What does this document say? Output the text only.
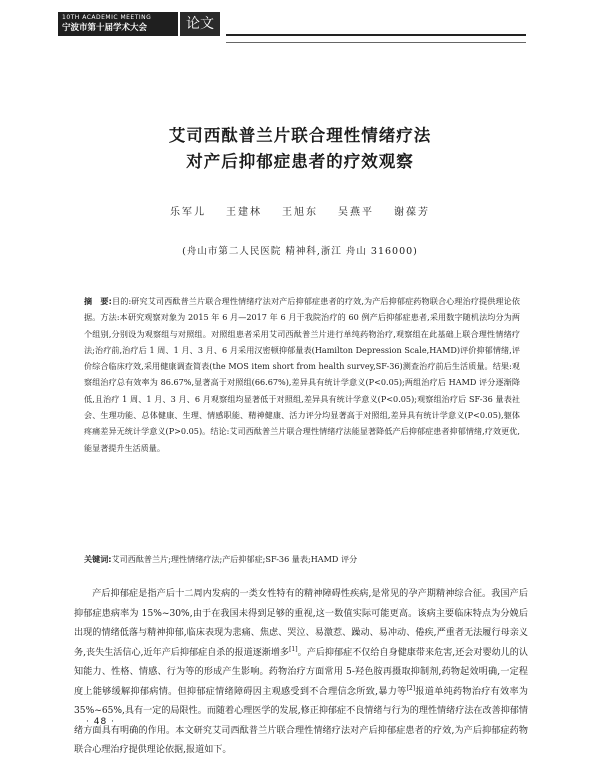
10TH ACADEMIC MEETING
宁波市第十届学术大会	论文集
艾司西酞普兰片联合理性情绪疗法
对产后抑郁症患者的疗效观察
乐军儿 王建林 王旭东 吴燕平 谢葆芳
(舟山市第二人民医院 精神科,浙江 舟山 316000)

摘　要:目的:研究艾司西酞普兰片联合理性情绪疗法对产后抑郁症患者的疗效,为产后抑郁症药物联合心理治疗提供理论依据。方法:本研究观察对象为 2015 年 6 月—2017 年 6 月于我院治疗的 60 例产后抑郁症患者,采用数字随机法均分为两个组别,分别设为观察组与对照组。对照组患者采用艾司西酞普兰片进行单纯药物治疗,观察组在此基础上联合理性情绪疗法;治疗前,治疗后 1 周、1 月、3 月、6 月采用汉密顿抑郁量表(Hamilton Depression Scale,HAMD)评价抑郁情绪,评价综合临床疗效,采用健康调查简表(the MOS item short from health survey,SF-36)测查治疗前后生活质量。结果:观察组治疗总有效率为 86.67%,显著高于对照组(66.67%),差异具有统计学意义(P<0.05);两组治疗后 HAMD 评分逐渐降低,且治疗 1 周、1 月、3 月、6 月观察组均显著低于对照组,差异具有统计学意义(P<0.05);观察组治疗后 SF-36 量表社会、生理功能、总体健康、生理、情感职能、精神健康、活力评分均显著高于对照组,差异具有统计学意义(P<0.05),躯体疼痛差异无统计学意义(P>0.05)。结论:艾司西酞普兰片联合理性情绪疗法能显著降低产后抑郁症患者抑郁情绪,疗效更优,能显著提升生活质量。

关键词:艾司西酞普兰片;理性情绪疗法;产后抑郁症;SF-36 量表;HAMD 评分

产后抑郁症是指产后十二周内发病的一类女性特有的精神障碍性疾病,是常见的孕产期精神综合征。我国产后抑郁症患病率为 15%~30%,由于在我国未得到足够的重视,这一数值实际可能更高。该病主要临床特点为分娩后出现的情绪低落与精神抑郁,临床表现为悲痛、焦虑、哭泣、易激惹、躁动、易冲动、倦疾,严重者无法履行母亲义务,丧失生活信心,近年产后抑郁症自杀的报道逐渐增多[1]。产后抑郁症不仅给自身健康带来危害,还会对婴幼儿的认知能力、性格、情感、行为等的形成产生影响。药物治疗方面常用 5-羟色胺再摄取抑制剂,药物起效明确,一定程度上能够缓解抑郁病情。但抑郁症情绪障碍因主观感受到不合理信念所致,暴力等[2]报道单纯药物治疗有效率为 35%~65%,具有一定的局限性。而随着心理医学的发展,修正抑郁症不良情绪与行为的理性情绪疗法在改善抑郁情绪方面具有明确的作用。本文研究艾司西酞普兰片联合理性情绪疗法对产后抑郁症患者的疗效,为产后抑郁症药物联合心理治疗提供理论依据,报道如下。

· 48 ·
